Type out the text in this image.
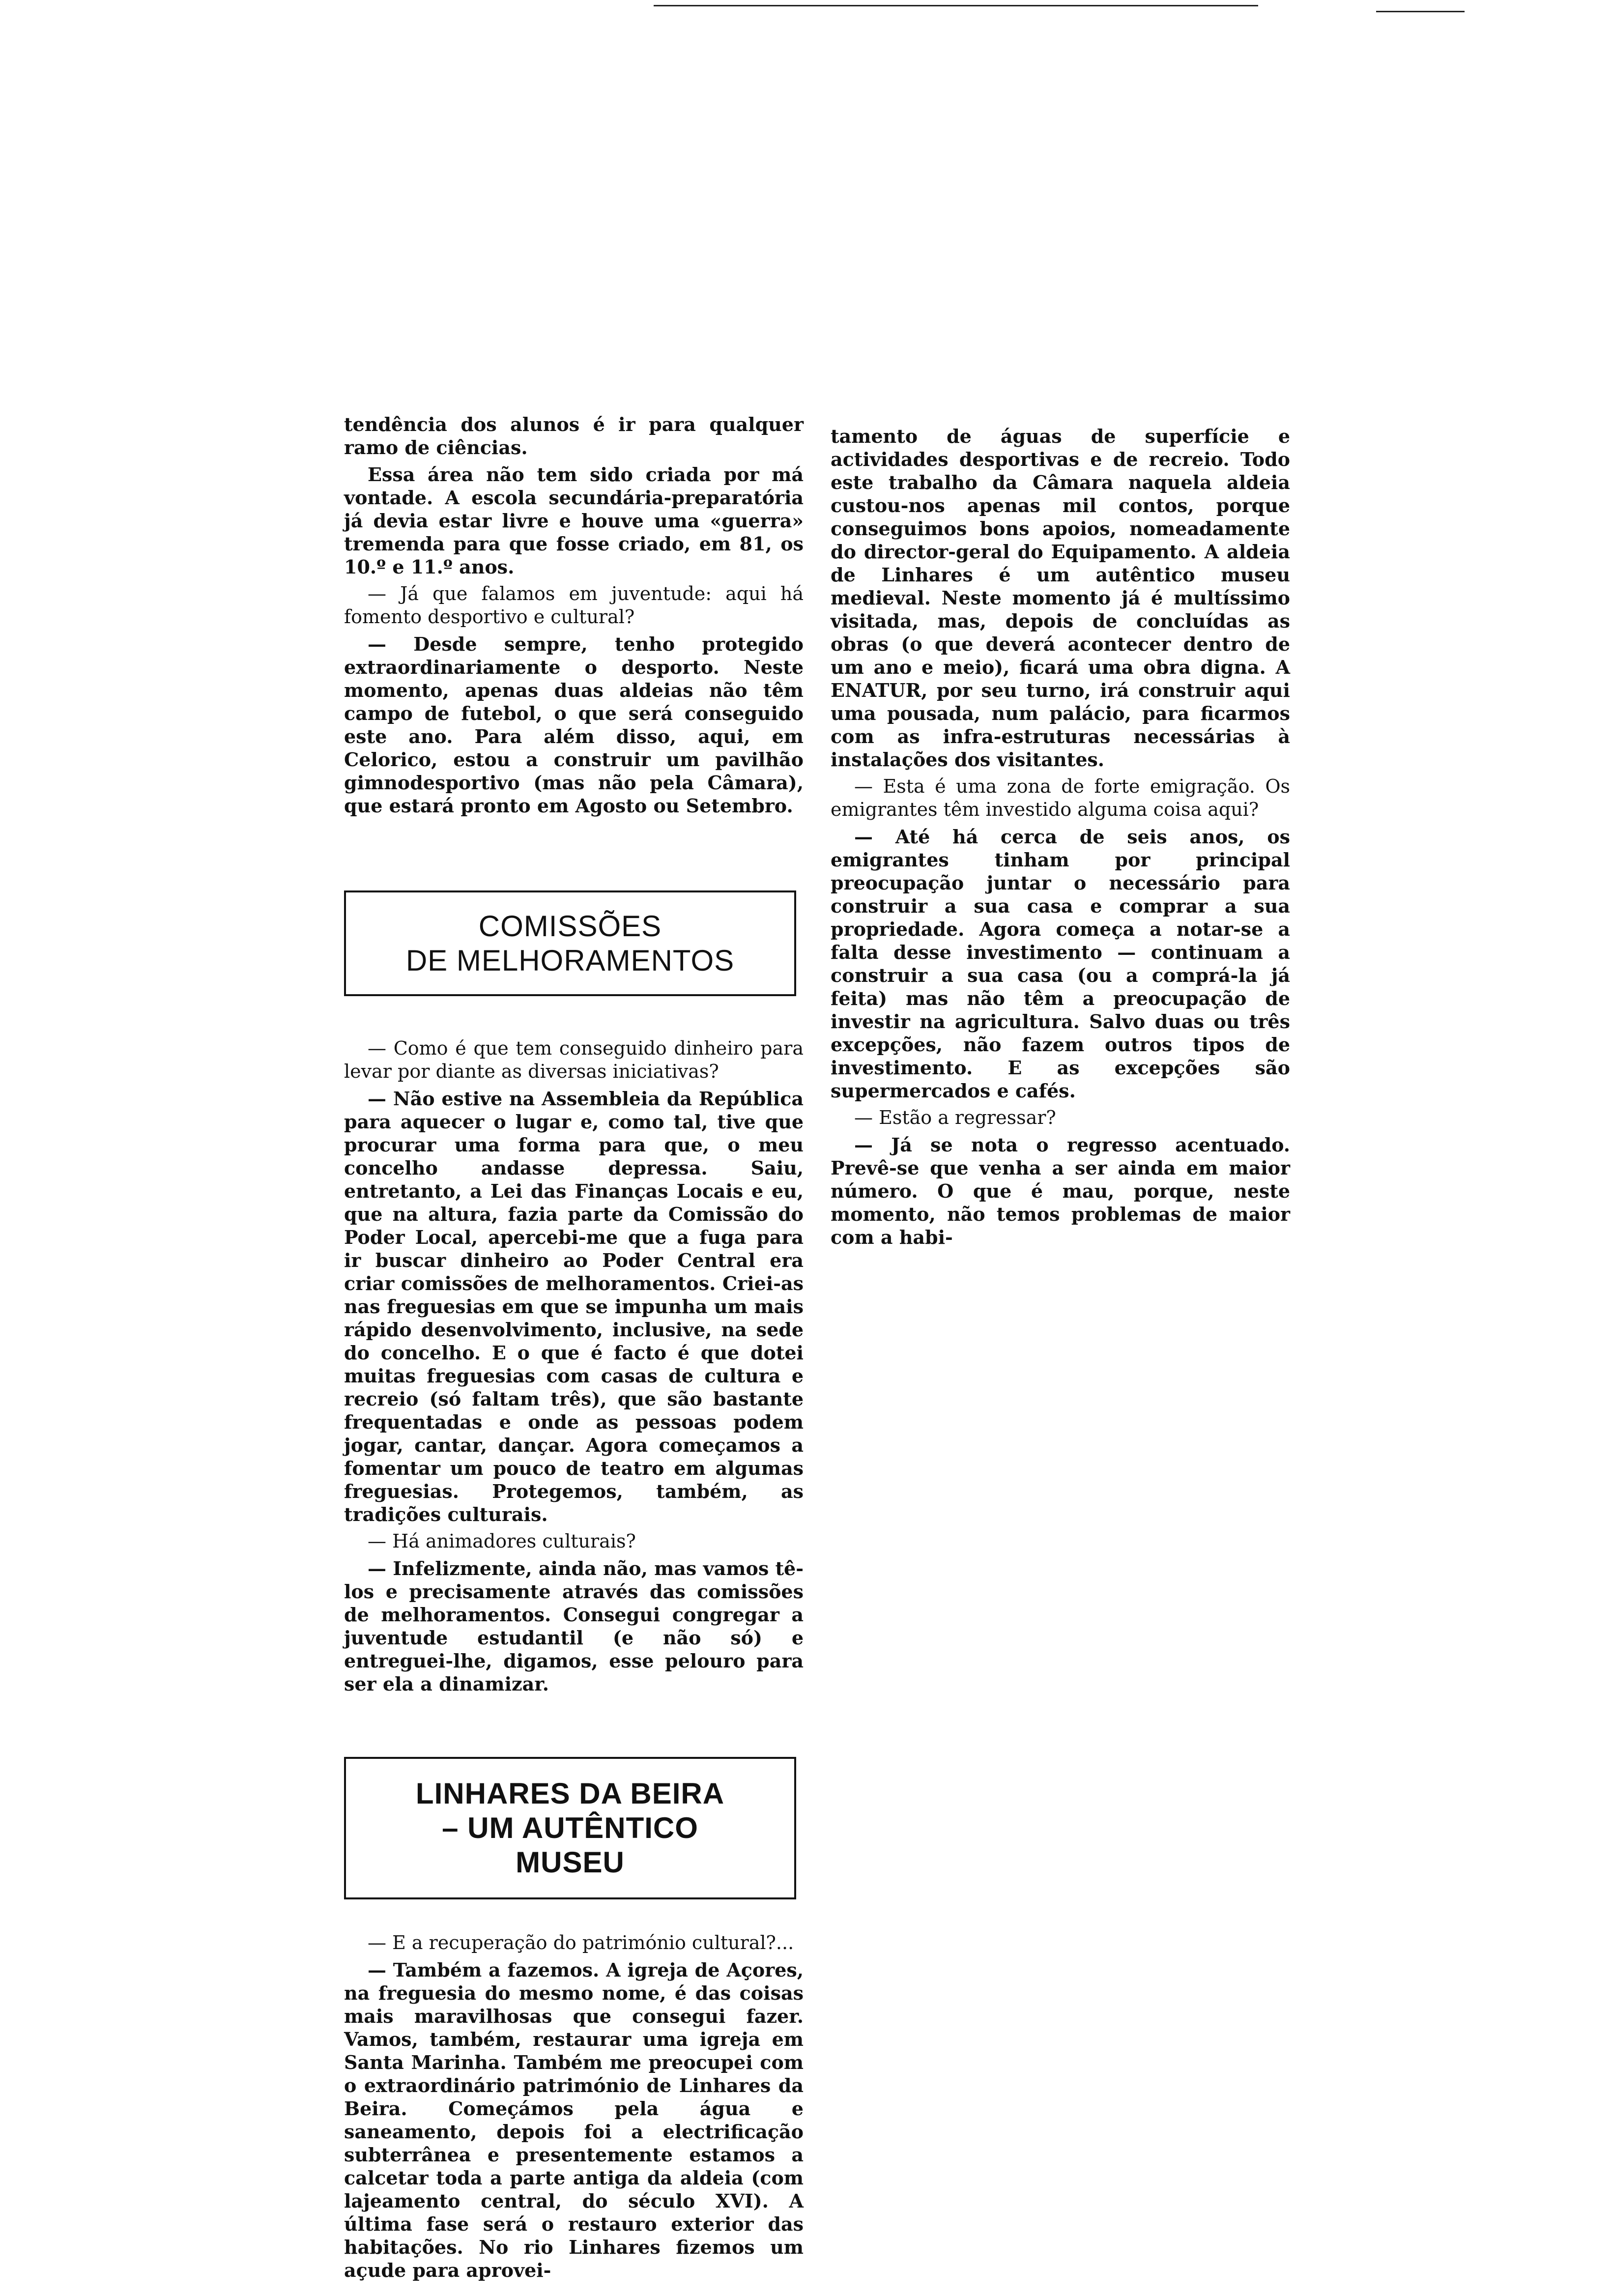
tendência dos alunos é ir para qualquer ramo de ciências.

Essa área não tem sido criada por má vontade. A escola secundária-preparatória já devia estar livre e houve uma «guerra» tremenda para que fosse criado, em 81, os 10.º e 11.º anos.

— Já que falamos em juventude: aqui há fomento desportivo e cultural?

— Desde sempre, tenho protegido extraordinariamente o desporto. Neste momento, apenas duas aldeias não têm campo de futebol, o que será conseguido este ano. Para além disso, aqui, em Celorico, estou a construir um pavilhão gimnodesportivo (mas não pela Câmara), que estará pronto em Agosto ou Setembro.

COMISSÕES
DE MELHORAMENTOS

— Como é que tem conseguido dinheiro para levar por diante as diversas iniciativas?

— Não estive na Assembleia da República para aquecer o lugar e, como tal, tive que procurar uma forma para que, o meu concelho andasse depressa. Saiu, entretanto, a Lei das Finanças Locais e eu, que na altura, fazia parte da Comissão do Poder Local, apercebi-me que a fuga para ir buscar dinheiro ao Poder Central era criar comissões de melhoramentos. Criei-as nas freguesias em que se impunha um mais rápido desenvolvimento, inclusive, na sede do concelho. E o que é facto é que dotei muitas freguesias com casas de cultura e recreio (só faltam três), que são bastante frequentadas e onde as pessoas podem jogar, cantar, dançar. Agora começamos a fomentar um pouco de teatro em algumas freguesias. Protegemos, também, as tradições culturais.

— Há animadores culturais?

— Infelizmente, ainda não, mas vamos tê-los e precisamente através das comissões de melhoramentos. Consegui congregar a juventude estudantil (e não só) e entreguei-lhe, digamos, esse pelouro para ser ela a dinamizar.

LINHARES DA BEIRA
– UM AUTÊNTICO
MUSEU

— E a recuperação do património cultural?...

— Também a fazemos. A igreja de Açores, na freguesia do mesmo nome, é das coisas mais maravilhosas que consegui fazer. Vamos, também, restaurar uma igreja em Santa Marinha. Também me preocupei com o extraordinário património de Linhares da Beira. Começámos pela água e saneamento, depois foi a electrificação subterrânea e presentemente estamos a calcetar toda a parte antiga da aldeia (com lajeamento central, do século XVI). A última fase será o restauro exterior das habitações. No rio Linhares fizemos um açude para aprovei-

tamento de águas de superfície e actividades desportivas e de recreio. Todo este trabalho da Câmara naquela aldeia custou-nos apenas mil contos, porque conseguimos bons apoios, nomeadamente do director-geral do Equipamento. A aldeia de Linhares é um autêntico museu medieval. Neste momento já é multíssimo visitada, mas, depois de concluídas as obras (o que deverá acontecer dentro de um ano e meio), ficará uma obra digna. A ENATUR, por seu turno, irá construir aqui uma pousada, num palácio, para ficarmos com as infra-estruturas necessárias à instalações dos visitantes.

— Esta é uma zona de forte emigração. Os emigrantes têm investido alguma coisa aqui?

— Até há cerca de seis anos, os emigrantes tinham por principal preocupação juntar o necessário para construir a sua casa e comprar a sua propriedade. Agora começa a notar-se a falta desse investimento — continuam a construir a sua casa (ou a comprá-la já feita) mas não têm a preocupação de investir na agricultura. Salvo duas ou três excepções, não fazem outros tipos de investimento. E as excepções são supermercados e cafés.

— Estão a regressar?

— Já se nota o regresso acentuado. Prevê-se que venha a ser ainda em maior número. O que é mau, porque, neste momento, não temos problemas de maior com a habi-
